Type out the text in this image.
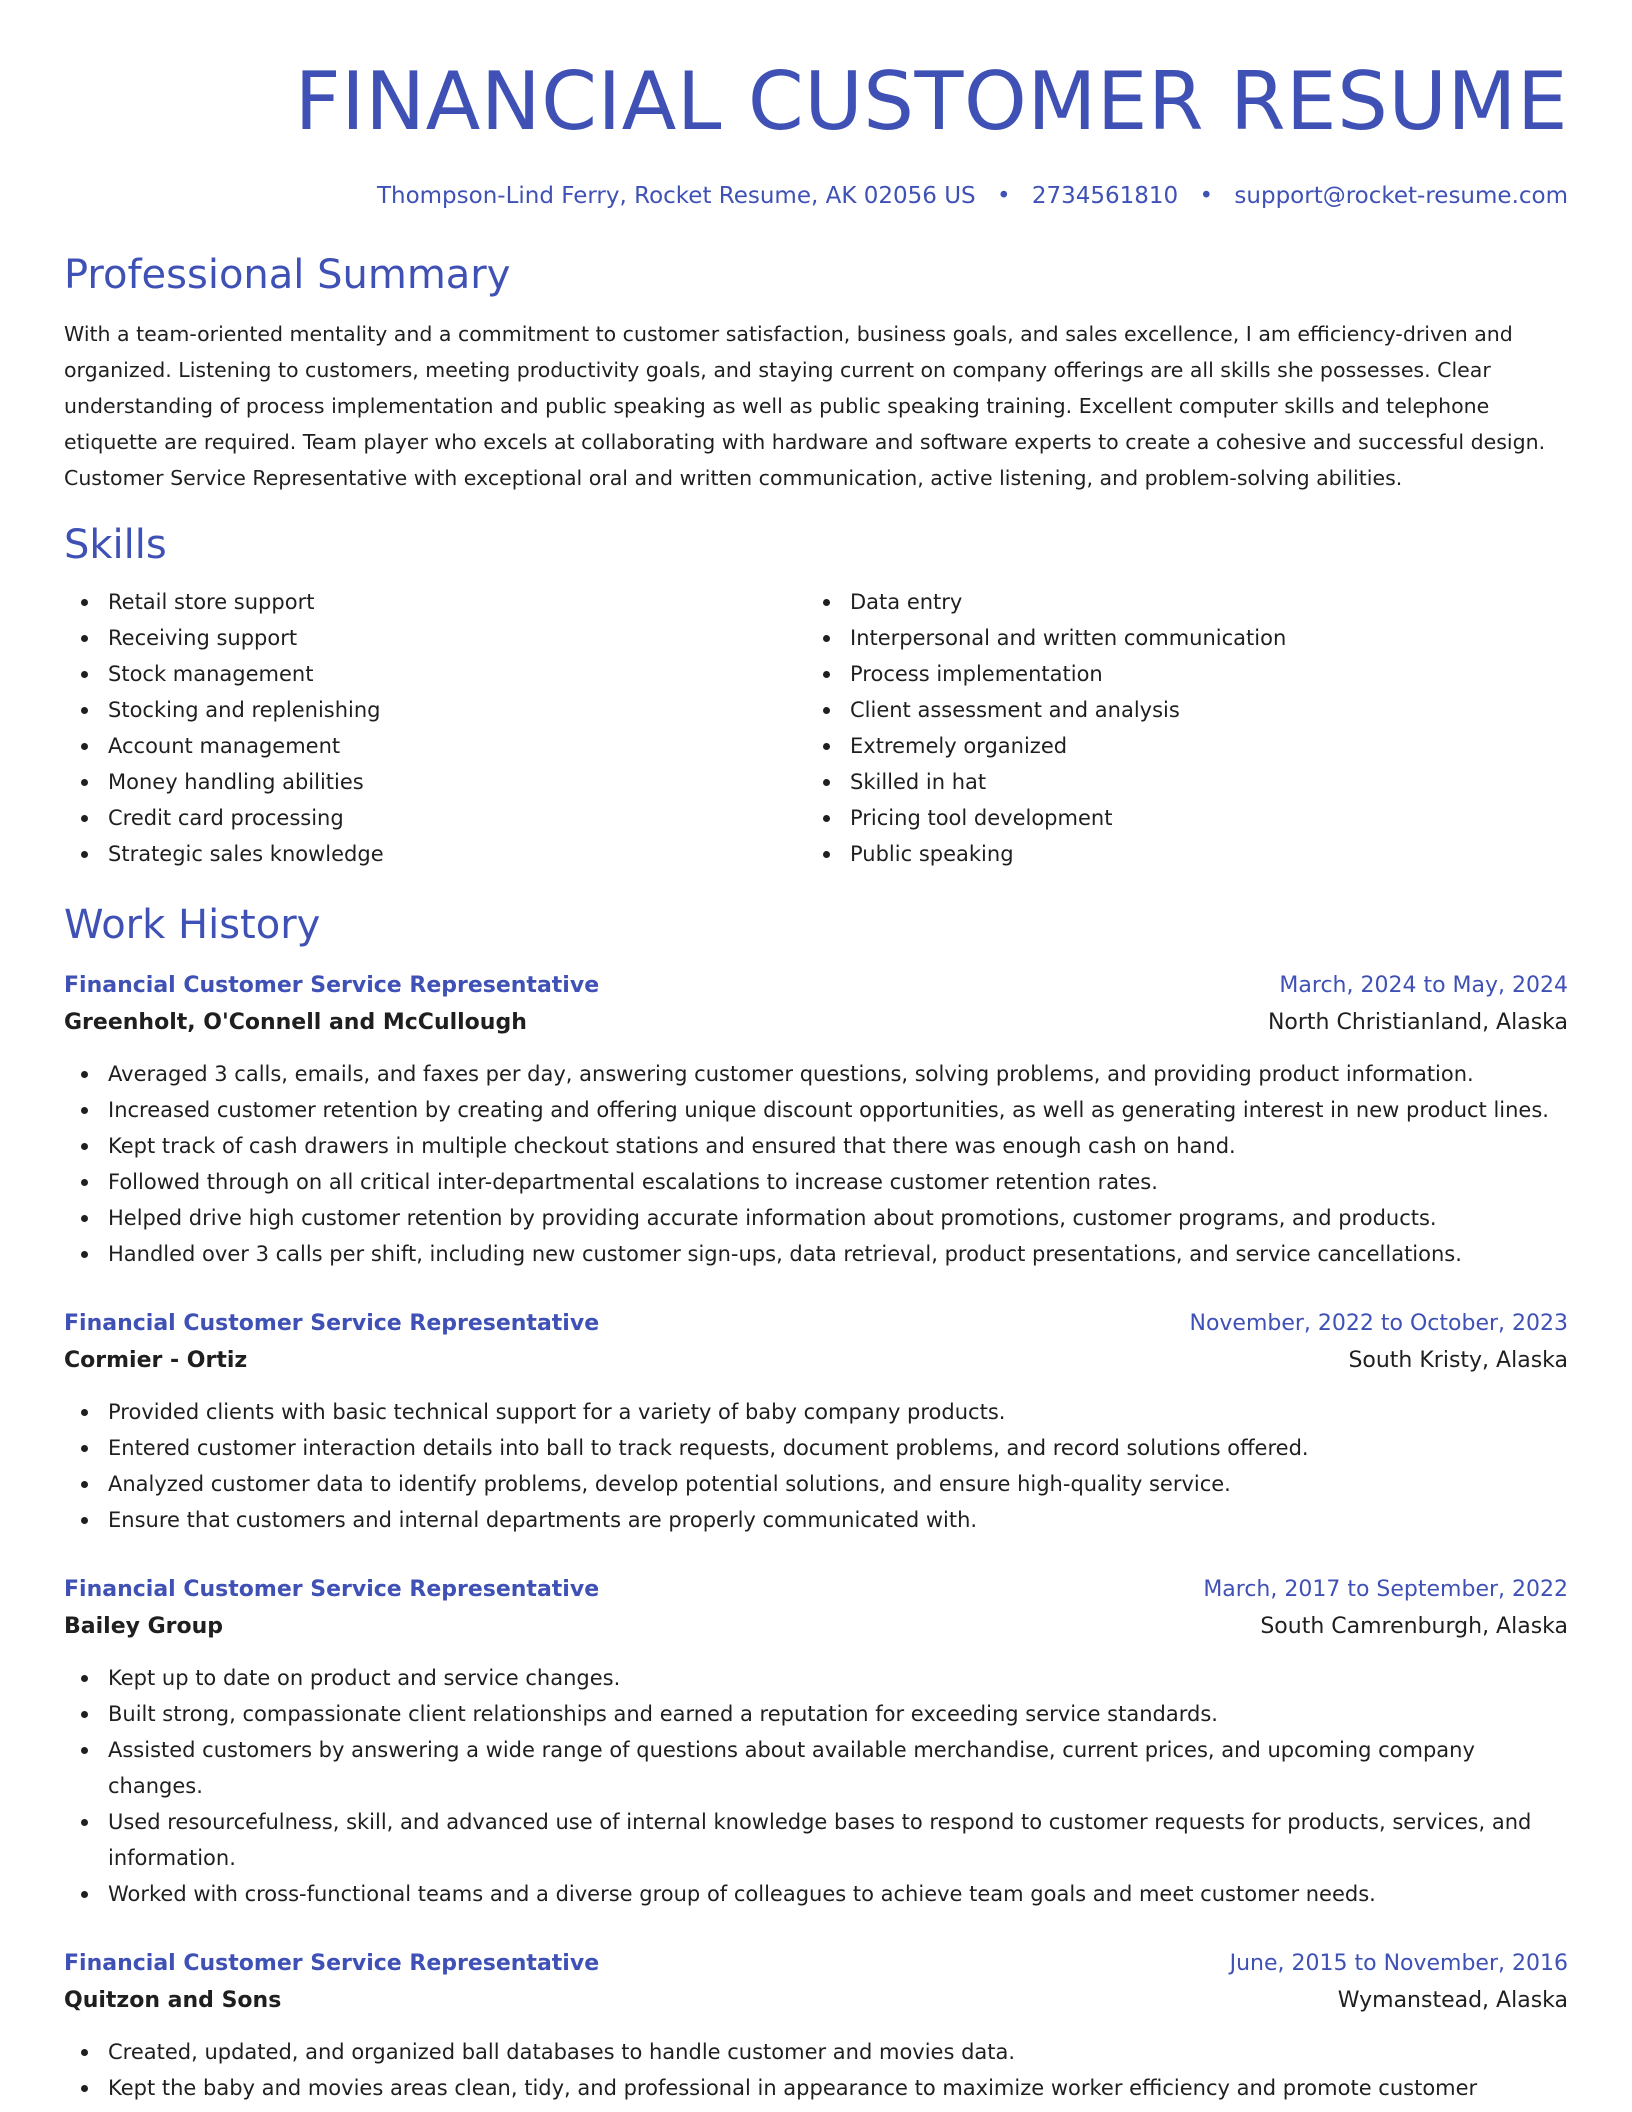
FINANCIAL CUSTOMER RESUME
Thompson-Lind Ferry, Rocket Resume, AK 02056 US • 2734561810 • support@rocket-resume.com
Professional Summary

With a team-oriented mentality and a commitment to customer satisfaction, business goals, and sales excellence, I am efficiency-driven and organized. Listening to customers, meeting productivity goals, and staying current on company offerings are all skills she possesses. Clear understanding of process implementation and public speaking as well as public speaking training. Excellent computer skills and telephone etiquette are required. Team player who excels at collaborating with hardware and software experts to create a cohesive and successful design. Customer Service Representative with exceptional oral and written communication, active listening, and problem-solving abilities.

Skills
Retail store support
Receiving support
Stock management
Stocking and replenishing
Account management
Money handling abilities
Credit card processing
Strategic sales knowledge
Data entry
Interpersonal and written communication
Process implementation
Client assessment and analysis
Extremely organized
Skilled in hat
Pricing tool development
Public speaking
Work History
Financial Customer Service Representative	March, 2024 to May, 2024
Greenholt, O'Connell and McCullough	North Christianland, Alaska
Averaged 3 calls, emails, and faxes per day, answering customer questions, solving problems, and providing product information.
Increased customer retention by creating and offering unique discount opportunities, as well as generating interest in new product lines.
Kept track of cash drawers in multiple checkout stations and ensured that there was enough cash on hand.
Followed through on all critical inter-departmental escalations to increase customer retention rates.
Helped drive high customer retention by providing accurate information about promotions, customer programs, and products.
Handled over 3 calls per shift, including new customer sign-ups, data retrieval, product presentations, and service cancellations.
Financial Customer Service Representative	November, 2022 to October, 2023
Cormier - Ortiz	South Kristy, Alaska
Provided clients with basic technical support for a variety of baby company products.
Entered customer interaction details into ball to track requests, document problems, and record solutions offered.
Analyzed customer data to identify problems, develop potential solutions, and ensure high-quality service.
Ensure that customers and internal departments are properly communicated with.
Financial Customer Service Representative	March, 2017 to September, 2022
Bailey Group	South Camrenburgh, Alaska
Kept up to date on product and service changes.
Built strong, compassionate client relationships and earned a reputation for exceeding service standards.
Assisted customers by answering a wide range of questions about available merchandise, current prices, and upcoming company changes.
Used resourcefulness, skill, and advanced use of internal knowledge bases to respond to customer requests for products, services, and information.
Worked with cross-functional teams and a diverse group of colleagues to achieve team goals and meet customer needs.
Financial Customer Service Representative	June, 2015 to November, 2016
Quitzon and Sons	Wymanstead, Alaska
Created, updated, and organized ball databases to handle customer and movies data.
Kept the baby and movies areas clean, tidy, and professional in appearance to maximize worker efficiency and promote customer
